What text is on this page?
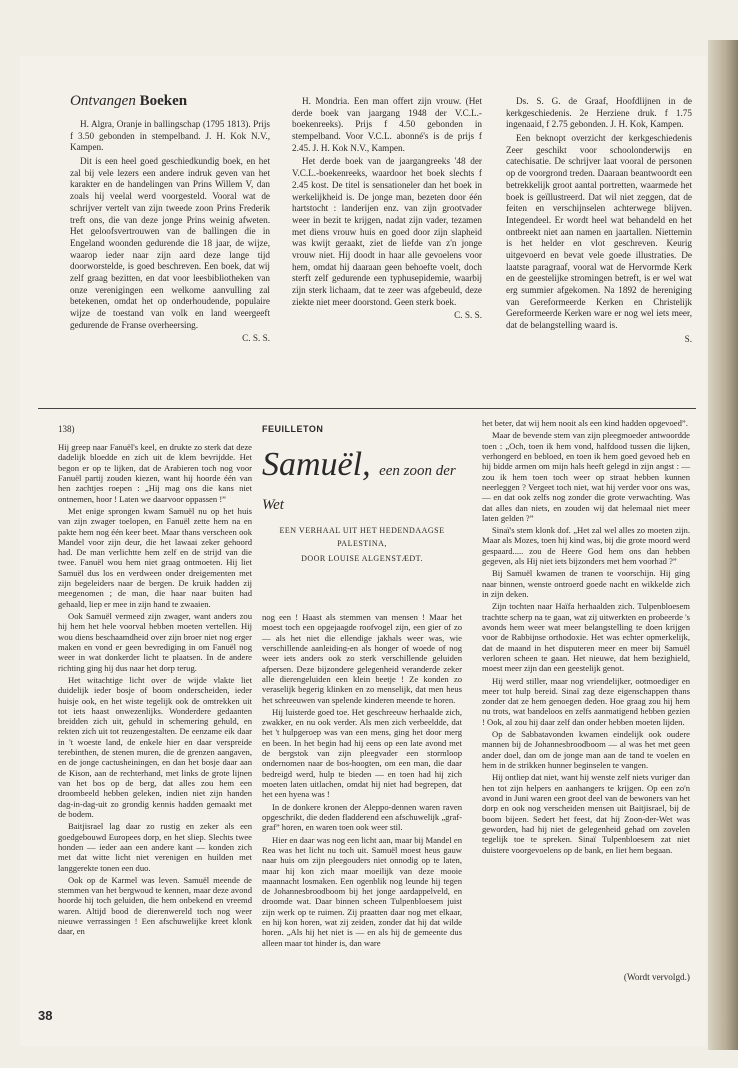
Ontvangen Boeken

H. Algra, Oranje in ballingschap (1795 1813). Prijs f 3.50 gebonden in stempelband. J. H. Kok N.V., Kampen.

Dit is een heel goed geschiedkundig boek, en het zal bij vele lezers een andere indruk geven van het karakter en de handelingen van Prins Willem V, dan zoals hij veelal werd voorgesteld. Vooral wat de schrijver vertelt van zijn tweede zoon Prins Frederik treft ons, die van deze jonge Prins weinig afweten. Het geloofsvertrouwen van de ballingen die in Engeland woonden gedurende die 18 jaar, de wijze, waarop ieder naar zijn aard deze lange tijd doorworstelde, is goed beschreven. Een boek, dat wij zelf graag bezitten, en dat voor leesbibliotheken van onze verenigingen een welkome aanvulling zal betekenen, omdat het op onderhoudende, populaire wijze de toestand van volk en land weergeeft gedurende de Franse overheersing.

C. S. S.

H. Mondria. Een man offert zijn vrouw. (Het derde boek van jaargang 1948 der V.C.L.-boekenreeks). Prijs f 4.50 gebonden in stempelband. Voor V.C.L. abonné's is de prijs f 2.45. J. H. Kok N.V., Kampen.

Het derde boek van de jaargangreeks '48 der V.C.L.-boekenreeks, waardoor het boek slechts f 2.45 kost. De titel is sensationeler dan het boek in werkelijkheid is. De jonge man, bezeten door één hartstocht : landerijen enz. van zijn grootvader weer in bezit te krijgen, nadat zijn vader, tezamen met diens vrouw huis en goed door zijn slapheid was kwijt geraakt, ziet de liefde van z'n jonge vrouw niet. Hij doodt in haar alle gevoelens voor hem, omdat hij daaraan geen behoefte voelt, doch sterft zelf gedurende een typhusepidemie, waarbij zijn sterk lichaam, dat te zeer was afgebeuld, deze ziekte niet meer doorstond. Geen sterk boek.

C. S. S.

Ds. S. G. de Graaf, Hoofdlijnen in de kerkgeschiedenis. 2e Herziene druk. f 1.75 ingenaaid, f 2.75 gebonden. J. H. Kok, Kampen.

Een beknopt overzicht der kerkgeschiedenis Zeer geschikt voor schoolonderwijs en catechisatie. De schrijver laat vooral de personen op de voorgrond treden. Daaraan beantwoordt een betrekkelijk groot aantal portretten, waarmede het boek is geïllustreerd. Dat wil niet zeggen, dat de feiten en verschijnselen achterwege blijven. Integendeel. Er wordt heel wat behandeld en het ontbreekt niet aan namen en jaartallen. Niettemin is het helder en vlot geschreven. Keurig uitgevoerd en bevat vele goede illustraties. De laatste paragraaf, vooral wat de Hervormde Kerk en de geestelijke stromingen betreft, is er wel wat erg summier afgekomen. Na 1892 de hereniging van Gereformeerde Kerken en Christelijk Gereformeerde Kerken ware er nog wel iets meer, dat de belangstelling waard is.

S.

138)	FEUILLETON

Hij greep naar Fanuël's keel, en drukte zo sterk dat deze dadelijk bloedde en zich uit de klem bevrijdde. Het begon er op te lijken, dat de Arabieren toch nog voor Fanuël partij zouden kiezen, want hij hoorde één van hen zachtjes roepen : „Hij mag ons die kans niet ontnemen, hoor ! Laten we daarvoor oppassen !”

Met enige sprongen kwam Samuël nu op het huis van zijn zwager toelopen, en Fanuël zette hem na en pakte hem nog één keer beet. Maar thans verscheen ook Mandel voor zijn deur, die het lawaai zeker gehoord had. De man verlichtte hem zelf en de strijd van die twee. Fanuël wou hem niet graag ontmoeten. Hij liet Samuël dus los en verdween onder dreigementen met zijn begeleiders naar de bergen. De kruik hadden zij meegenomen ; de man, die haar naar buiten had gehaald, liep er mee in zijn hand te zwaaien.

Ook Samuël vermeed zijn zwager, want anders zou hij hem het hele voorval hebben moeten vertellen. Hij wou diens beschaamdheid over zijn broer niet nog erger maken en vond er geen bevrediging in om Fanuël nog weer in wat donkerder licht te plaatsen. In de andere richting ging hij dus naar het dorp terug.

Het witachtige licht over de wijde vlakte liet duidelijk ieder bosje of boom onderscheiden, ieder huisje ook, en het wiste tegelijk ook de omtrekken uit tot iets haast onwezenlijks. Wonderdere gedaanten breidden zich uit, gehuld in schemering gehuld, en rekten zich uit tot reuzengestalten. De eenzame eik daar in 't woeste land, de enkele hier en daar verspreide terebinthen, de stenen muren, die de grenzen aangaven, en de jonge cactusheiningen, en dan het bosje daar aan de Kison, aan de rechterhand, met links de grote lijnen van het bos op de berg, dat alles zou hem een droombeeld hebben geleken, indien niet zijn handen dag-in-dag-uit zo grondig kennis hadden gemaakt met de bodem.

Baitjisrael lag daar zo rustig en zeker als een goedgebouwd Europees dorp, en het sliep. Slechts twee honden — ieder aan een andere kant — konden zich met dat witte licht niet verenigen en huilden met langgerekte tonen een duo.

Ook op de Karmel was leven. Samuël meende de stemmen van het bergwoud te kennen, maar deze avond hoorde hij toch geluiden, die hem onbekend en vreemd waren. Altijd bood de dierenwereld toch nog weer nieuwe verrassingen ! Een afschuwelijke kreet klonk daar, en

Samuël, een zoon der Wet
EEN VERHAAL UIT HET HEDENDAAGSE
PALESTINA,
DOOR LOUISE ALGENSTÆDT.

nog een ! Haast als stemmen van mensen ! Maar het moest toch een opgejaagde roofvogel zijn, een gier of zo — als het niet die ellendige jakhals weer was, wie verschillende aanleiding-en als honger of woede of nog weer iets anders ook zo sterk verschillende geluiden afpersen. Deze bijzondere gelegenheid veranderde zeker alle dierengeluiden een klein beetje ! Ze konden zo veraselijk begerig klinken en zo menselijk, dat men heus het schreeuwen van spelende kinderen meende te horen.

Hij luisterde goed toe. Het geschreeuw herhaalde zich, zwakker, en nu ook verder. Als men zich verbeeldde, dat het 't hulpgeroep was van een mens, ging het door merg en been. In het begin had hij eens op een late avond met de bergstok van zijn pleegvader een stormloop ondernomen naar de bos-hoogten, om een man, die daar bedreigd werd, hulp te bieden — en toen had hij zich moeten laten uitlachen, omdat hij niet had begrepen, dat het een hyena was !

In de donkere kronen der Aleppo-dennen waren raven opgeschrikt, die deden fladderend een afschuwelijk „graf-graf” horen, en waren toen ook weer stil.

Hier en daar was nog een licht aan, maar bij Mandel en Rea was het licht nu toch uit. Samuël moest heus gauw naar huis om zijn pleegouders niet onnodig op te laten, maar hij kon zich maar moeilijk van deze mooie maannacht losmaken. Een ogenblik nog leunde hij tegen de Johannesbroodboom bij het jonge aardappelveld, en droomde wat. Daar binnen scheen Tulpenbloesem juist zijn werk op te ruimen. Zij praatten daar nog met elkaar, en hij kon horen, wat zij zeiden, zonder dat hij dat wilde horen. „Als hij het niet is — en als hij de gemeente dus alleen maar tot hinder is, dan ware

het beter, dat wij hem nooit als een kind hadden opgevoed”.

Maar de bevende stem van zijn pleegmoeder antwoordde toen : „Och, toen ik hem vond, halfdood tussen die lijken, verhongerd en bebloed, en toen ik hem goed gevoed heb en hij bidde armen om mijn hals heeft gelegd in zijn angst : — zou ik hem toen toch weer op straat hebben kunnen neerleggen ? Vergeet toch niet, wat hij verder voor ons was, — en dat ook zelfs nog zonder die grote verwachting. Was dat alles dan niets, en zouden wij dat helemaal niet meer laten gelden ?”

Sinaï's stem klonk dof. „Het zal wel alles zo moeten zijn. Maar als Mozes, toen hij kind was, bij die grote moord werd gespaard..... zou de Heere God hem ons dan hebben gegeven, als Hij niet iets bijzonders met hem voorhad ?”

Bij Samuël kwamen de tranen te voorschijn. Hij ging naar binnen, wenste ontroerd goede nacht en wikkelde zich in zijn deken.

Zijn tochten naar Haïfa herhaalden zich. Tulpenbloesem trachtte scherp na te gaan, wat zij uitwerkten en probeerde 's avonds hem weer wat meer belangstelling te doen krijgen voor de Rabbijnse orthodoxie. Het was echter opmerkelijk, dat de maand in het disputeren meer en meer bij Samuël verloren scheen te gaan. Het nieuwe, dat hem bezighield, moest meer zijn dan een geestelijk genot.

Hij werd stiller, maar nog vriendelijker, ootmoediger en meer tot hulp bereid. Sinaï zag deze eigenschappen thans zonder dat ze hem genoegen deden. Hoe graag zou hij hem nu trots, wat bandeloos en zelfs aanmatigend hebben gezien ! Ook, al zou hij daar zelf dan onder hebben moeten lijden.

Op de Sabbatavonden kwamen eindelijk ook oudere mannen bij de Johannesbroodboom — al was het met geen ander doel, dan om de jonge man aan de tand te voelen en hem in de strikken hunner beginselen te vangen.

Hij ontliep dat niet, want hij wenste zelf niets vuriger dan hen tot zijn helpers en aanhangers te krijgen. Op een zo'n avond in Juni waren een groot deel van de bewoners van het dorp en ook nog verscheiden mensen uit Baitjisrael, bij de boom bijeen. Sedert het feest, dat hij Zoon-der-Wet was geworden, had hij niet de gelegenheid gehad om zovelen tegelijk toe te spreken. Sinaï Tulpenbloesem zat niet duistere voorgevoelens op de bank, en liet hem begaan.

(Wordt vervolgd.)
38
